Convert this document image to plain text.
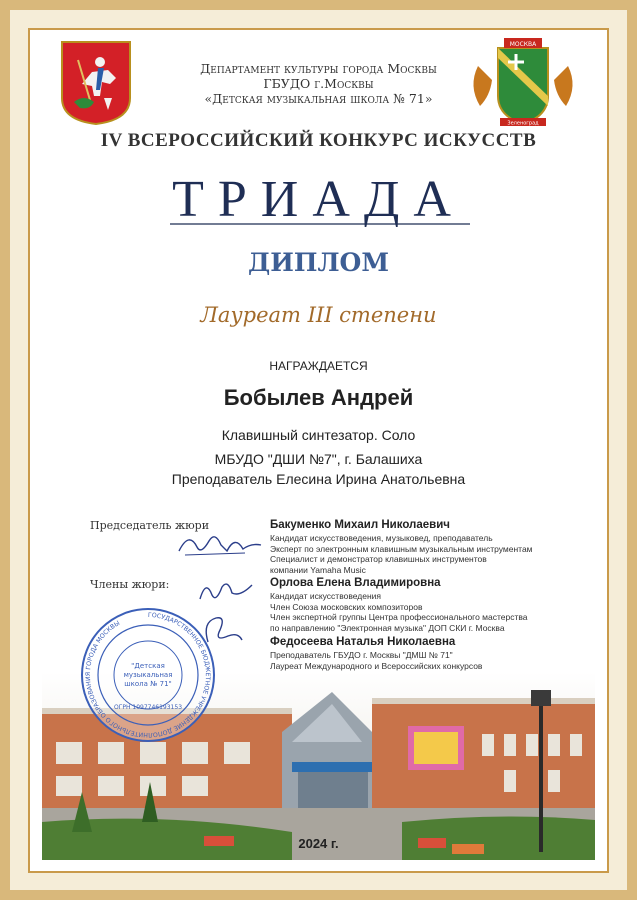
МОСКВА
Зеленоград
Департамент культуры города Москвы
ГБУДО г.Москвы
«Детская музыкальная школа № 71»
IV ВСЕРОССИЙСКИЙ КОНКУРС ИСКУССТВ
ТРИАДА
ДИПЛОМ
Лауреат III степени
НАГРАЖДАЕТСЯ
Бобылев Андрей
Клавишный синтезатор. Соло
МБУДО "ДШИ №7", г. Балашиха
Преподаватель Елесина Ирина Анатольевна
Председатель жюри
Члены жюри:
Бакуменко Михаил Николаевич
Кандидат искусствоведения, музыковед, преподаватель
Эксперт по электронным клавишным музыкальным инструментам
Специалист и демонстратор клавишных инструментов
компании Yamaha Music
Орлова Елена Владимировна
Кандидат искусствоведения
Член Союза московских композиторов
Член экспертной группы Центра профессионального мастерства
по направлению "Электронная музыка" ДОП СКИ г. Москва
Федосеева Наталья Николаевна
Преподаватель ГБУДО г. Москвы "ДМШ № 71"
Лауреат Международного и Всероссийских конкурсов
ГОСУДАРСТВЕННОЕ БЮДЖЕТНОЕ УЧРЕЖДЕНИЕ ДОПОЛНИТЕЛЬНОГО ОБРАЗОВАНИЯ ГОРОДА МОСКВЫ
ОГРН 1097746193153
"Детская
музыкальная
школа № 71"
2024 г.
